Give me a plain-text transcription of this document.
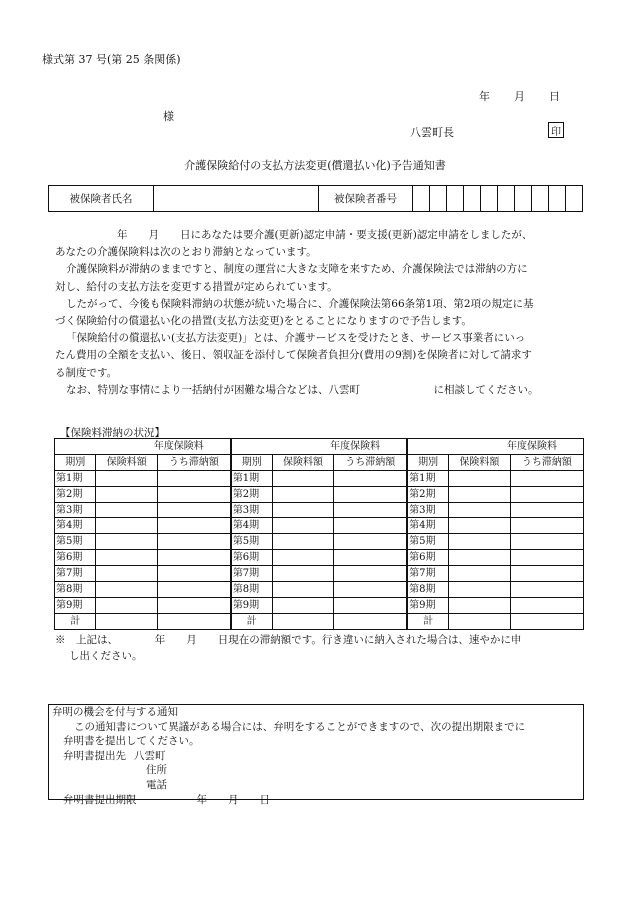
様式第 37 号(第 25 条関係)
年 月 日
様
八雲町長	印
介護保険給付の支払方法変更(償還払い化)予告通知書
被保険者氏名		被保険者番号										

年　　月　　日にあなたは要介護(更新)認定申請・要支援(更新)認定申請をしましたが、

あなたの介護保険料は次のとおり滞納となっています。

介護保険料が滞納のままですと、制度の運営に大きな支障を来すため、介護保険法では滞納の方に

対し、給付の支払方法を変更する措置が定められています。

したがって、今後も保険料滞納の状態が続いた場合に、介護保険法第66条第1項、第2項の規定に基

づく保険給付の償還払い化の措置(支払方法変更)をとることになりますので予告します。

「保険給付の償還払い(支払方法変更)」とは、介護サービスを受けたとき、サービス事業者にいっ

たん費用の全額を支払い、後日、領収証を添付して保険者負担分(費用の9割)を保険者に対して請求す

る制度です。

なお、特別な事情により一括納付が困難な場合などは、八雲町　　　　　　　に相談してください。

【保険料滞納の状況】
年度保険料			年度保険料			年度保険料		
期別	保険料額	うち滞納額	期別	保険料額	うち滞納額	期別	保険料額	うち滞納額
第1期			第1期			第1期		
第2期			第2期			第2期		
第3期			第3期			第3期		
第4期			第4期			第4期		
第5期			第5期			第5期		
第6期			第6期			第6期		
第7期			第7期			第7期		
第8期			第8期			第8期		
第9期			第9期			第9期		
計			計			計		
※　上記は、　　　　年　　月　　日現在の滞納額です。行き違いに納入された場合は、速やかに申
し出ください。

弁明の機会を付与する通知

この通知書について異議がある場合には、弁明をすることができますので、次の提出期限までに

弁明書を提出してください。

弁明書提出先 八雲町

住所

電話

弁明書提出期限	年　　月　　日
